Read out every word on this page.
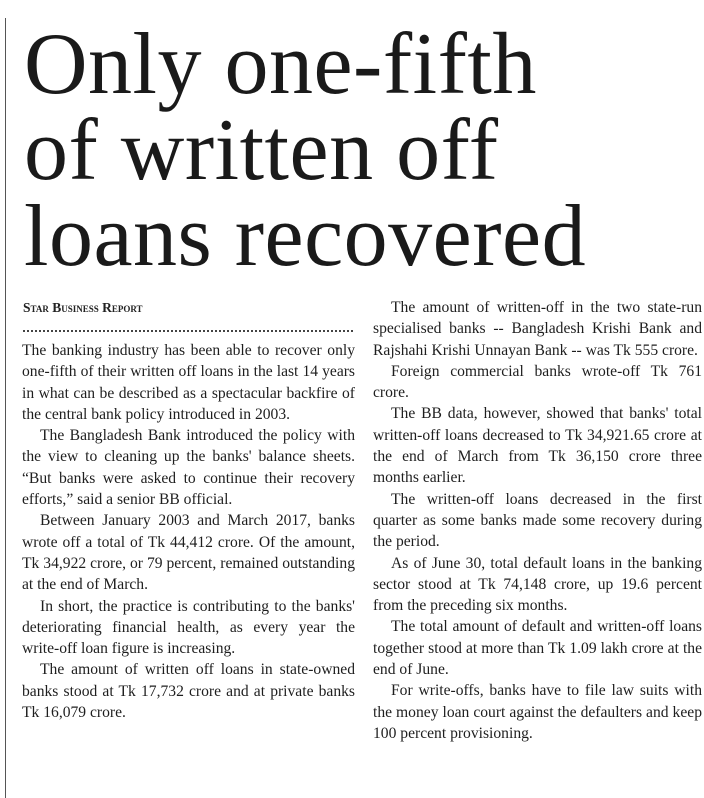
Only one-fifth
of written off
loans recovered
Star Business Report

The banking industry has been able to recover only one-fifth of their written off loans in the last 14 years in what can be described as a spectacular backfire of the central bank policy introduced in 2003.

The Bangladesh Bank introduced the policy with the view to cleaning up the banks' balance sheets. “But banks were asked to continue their recovery efforts,” said a senior BB official.

Between January 2003 and March 2017, banks wrote off a total of Tk 44,412 crore. Of the amount, Tk 34,922 crore, or 79 percent, remained outstanding at the end of March.

In short, the practice is contributing to the banks' deteriorating financial health, as every year the write-off loan figure is increasing.

The amount of written off loans in state-owned banks stood at Tk 17,732 crore and at private banks Tk 16,079 crore.

The amount of written-off in the two state-run specialised banks -- Bangladesh Krishi Bank and Rajshahi Krishi Unnayan Bank -- was Tk 555 crore.

Foreign commercial banks wrote-off Tk 761 crore.

The BB data, however, showed that banks' total written-off loans decreased to Tk 34,921.65 crore at the end of March from Tk 36,150 crore three months earlier.

The written-off loans decreased in the first quarter as some banks made some recovery during the period.

As of June 30, total default loans in the banking sector stood at Tk 74,148 crore, up 19.6 percent from the preceding six months.

The total amount of default and written-off loans together stood at more than Tk 1.09 lakh crore at the end of June.

For write-offs, banks have to file law suits with the money loan court against the defaulters and keep 100 percent provisioning.
